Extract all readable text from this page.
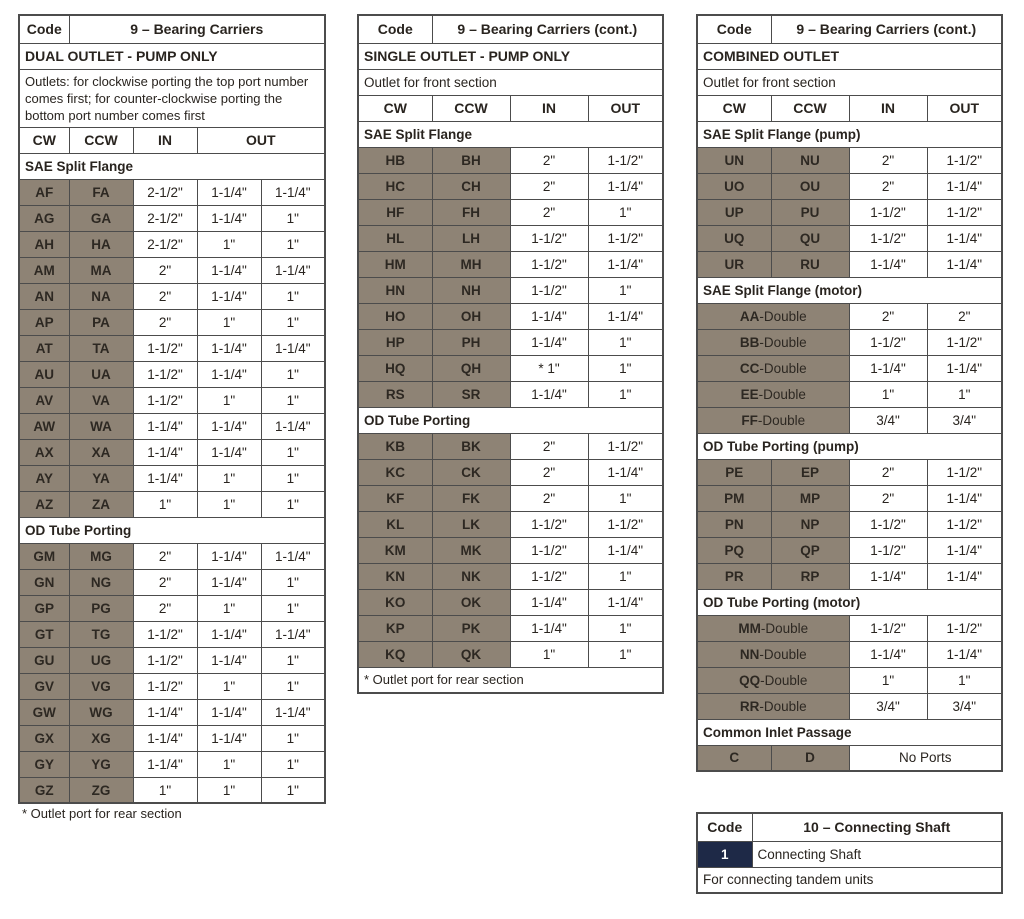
Code	9 – Bearing Carriers			
DUAL OUTLET - PUMP ONLY				
Outlets: for clockwise porting the top port number comes first; for counter-clockwise porting the bottom port number comes first				
CW	CCW	IN	OUT	
SAE Split Flange				
AF	FA	2-1/2"	1-1/4"	1-1/4"
AG	GA	2-1/2"	1-1/4"	1"
AH	HA	2-1/2"	1"	1"
AM	MA	2"	1-1/4"	1-1/4"
AN	NA	2"	1-1/4"	1"
AP	PA	2"	1"	1"
AT	TA	1-1/2"	1-1/4"	1-1/4"
AU	UA	1-1/2"	1-1/4"	1"
AV	VA	1-1/2"	1"	1"
AW	WA	1-1/4"	1-1/4"	1-1/4"
AX	XA	1-1/4"	1-1/4"	1"
AY	YA	1-1/4"	1"	1"
AZ	ZA	1"	1"	1"
OD Tube Porting				
GM	MG	2"	1-1/4"	1-1/4"
GN	NG	2"	1-1/4"	1"
GP	PG	2"	1"	1"
GT	TG	1-1/2"	1-1/4"	1-1/4"
GU	UG	1-1/2"	1-1/4"	1"
GV	VG	1-1/2"	1"	1"
GW	WG	1-1/4"	1-1/4"	1-1/4"
GX	XG	1-1/4"	1-1/4"	1"
GY	YG	1-1/4"	1"	1"
GZ	ZG	1"	1"	1"
* Outlet port for rear section
Code	9 – Bearing Carriers (cont.)		
SINGLE OUTLET - PUMP ONLY			
Outlet for front section			
CW	CCW	IN	OUT
SAE Split Flange			
HB	BH	2"	1-1/2"
HC	CH	2"	1-1/4"
HF	FH	2"	1"
HL	LH	1-1/2"	1-1/2"
HM	MH	1-1/2"	1-1/4"
HN	NH	1-1/2"	1"
HO	OH	1-1/4"	1-1/4"
HP	PH	1-1/4"	1"
HQ	QH	* 1"	1"
RS	SR	1-1/4"	1"
OD Tube Porting			
KB	BK	2"	1-1/2"
KC	CK	2"	1-1/4"
KF	FK	2"	1"
KL	LK	1-1/2"	1-1/2"
KM	MK	1-1/2"	1-1/4"
KN	NK	1-1/2"	1"
KO	OK	1-1/4"	1-1/4"
KP	PK	1-1/4"	1"
KQ	QK	1"	1"
* Outlet port for rear section			
Code	9 – Bearing Carriers (cont.)		
COMBINED OUTLET			
Outlet for front section			
CW	CCW	IN	OUT
SAE Split Flange (pump)			
UN	NU	2"	1-1/2"
UO	OU	2"	1-1/4"
UP	PU	1-1/2"	1-1/2"
UQ	QU	1-1/2"	1-1/4"
UR	RU	1-1/4"	1-1/4"
SAE Split Flange (motor)			
AA-Double		2"	2"
BB-Double		1-1/2"	1-1/2"
CC-Double		1-1/4"	1-1/4"
EE-Double		1"	1"
FF-Double		3/4"	3/4"
OD Tube Porting (pump)			
PE	EP	2"	1-1/2"
PM	MP	2"	1-1/4"
PN	NP	1-1/2"	1-1/2"
PQ	QP	1-1/2"	1-1/4"
PR	RP	1-1/4"	1-1/4"
OD Tube Porting (motor)			
MM-Double		1-1/2"	1-1/2"
NN-Double		1-1/4"	1-1/4"
QQ-Double		1"	1"
RR-Double		3/4"	3/4"
Common Inlet Passage			
C	D	No Ports	
Code	10 – Connecting Shaft
1	Connecting Shaft
For connecting tandem units	
